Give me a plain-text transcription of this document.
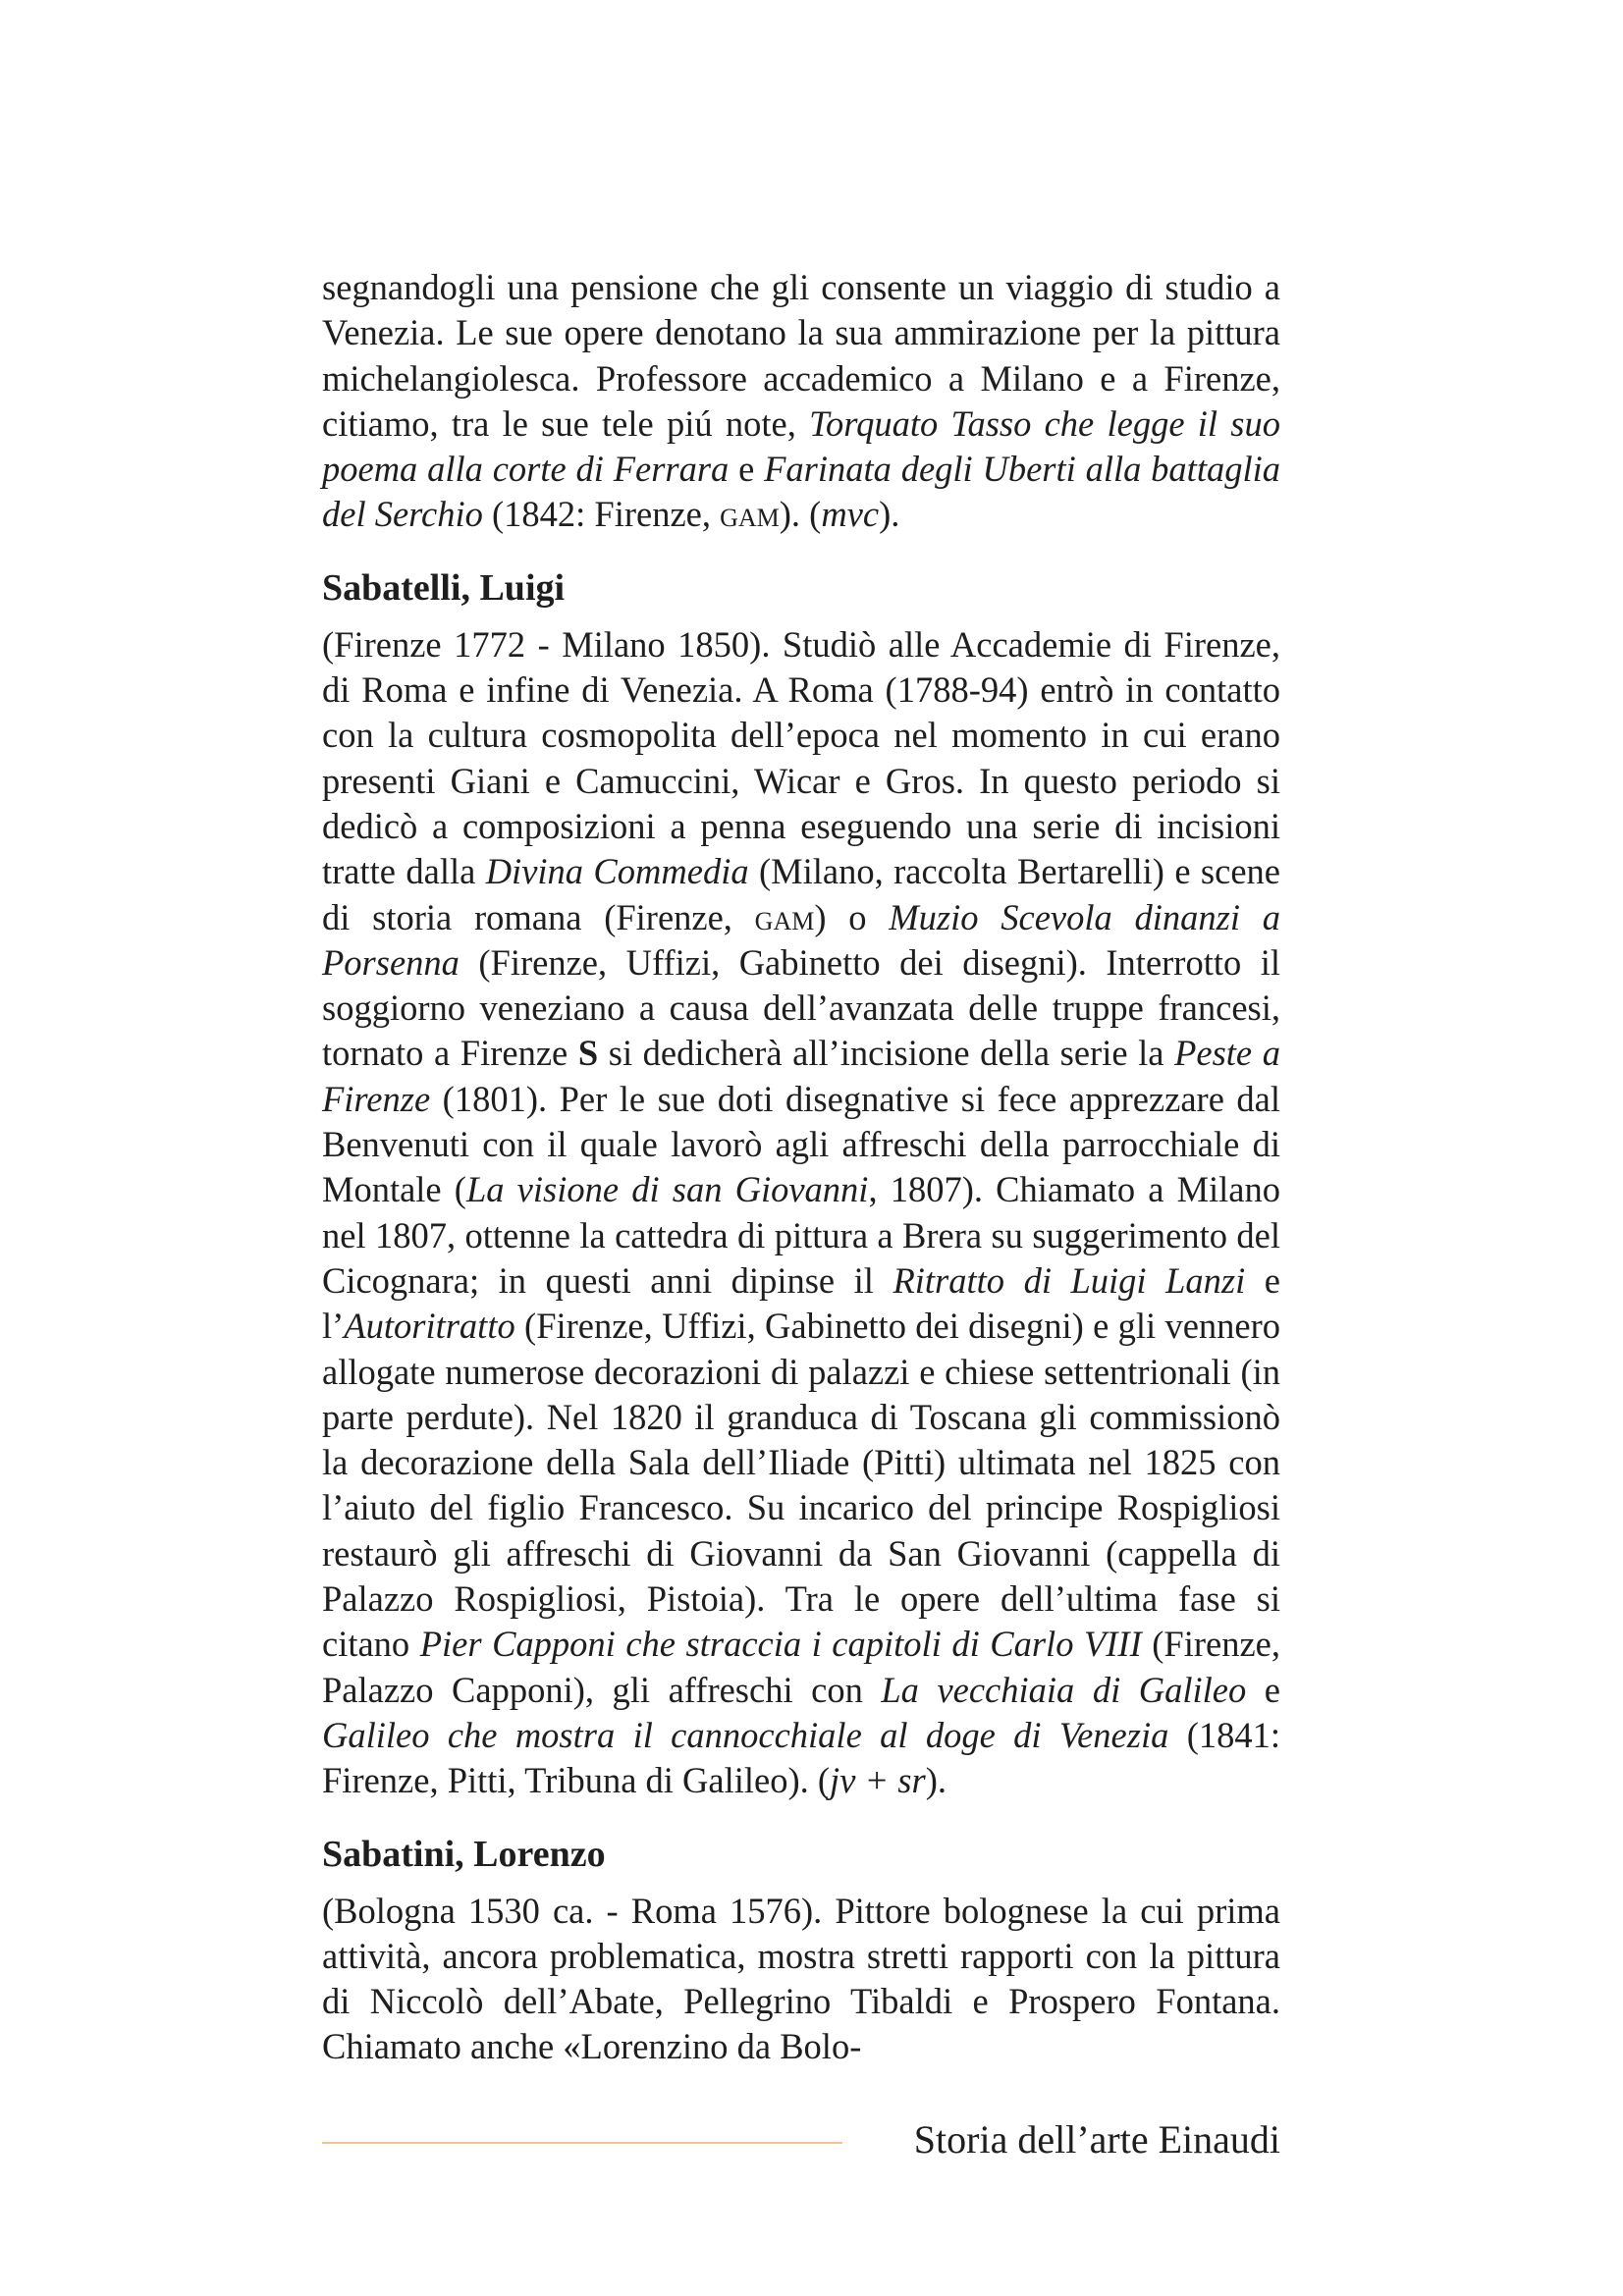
segnandogli una pensione che gli consente un viaggio di studio a Venezia. Le sue opere denotano la sua ammirazione per la pittura michelangiolesca. Professore accademico a Milano e a Firenze, citiamo, tra le sue tele piú note, Torquato Tasso che legge il suo poema alla corte di Ferrara e Farinata degli Uberti alla battaglia del Serchio (1842: Firenze, gam). (mvc).

Sabatelli, Luigi

(Firenze 1772 - Milano 1850). Studiò alle Accademie di Firenze, di Roma e infine di Venezia. A Roma (1788-94) entrò in contatto con la cultura cosmopolita dell’epoca nel momento in cui erano presenti Giani e Camuccini, Wicar e Gros. In questo periodo si dedicò a composizioni a penna eseguendo una serie di incisioni tratte dalla Divina Commedia (Milano, raccolta Bertarelli) e scene di storia romana (Firenze, gam) o Muzio Scevola dinanzi a Porsenna (Firenze, Uffizi, Gabinetto dei disegni). Interrotto il soggiorno veneziano a causa dell’avanzata delle truppe francesi, tornato a Firenze S si dedicherà all’incisione della serie la Peste a Firenze (1801). Per le sue doti disegnative si fece apprezzare dal Benvenuti con il quale lavorò agli affreschi della parrocchiale di Montale (La visione di san Giovanni, 1807). Chiamato a Milano nel 1807, ottenne la cattedra di pittura a Brera su suggerimento del Cicognara; in questi anni dipinse il Ritratto di Luigi Lanzi e l’Autoritratto (Firenze, Uffizi, Gabinetto dei disegni) e gli vennero allogate numerose decorazioni di palazzi e chiese settentrionali (in parte perdute). Nel 1820 il granduca di Toscana gli commissionò la decorazione della Sala dell’Iliade (Pitti) ultimata nel 1825 con l’aiuto del figlio Francesco. Su incarico del principe Rospigliosi restaurò gli affreschi di Giovanni da San Giovanni (cappella di Palazzo Rospigliosi, Pistoia). Tra le opere dell’ultima fase si citano Pier Capponi che straccia i capitoli di Carlo VIII (Firenze, Palazzo Capponi), gli affreschi con La vecchiaia di Galileo e Galileo che mostra il cannocchiale al doge di Venezia (1841: Firenze, Pitti, Tribuna di Galileo). (jv + sr).

Sabatini, Lorenzo

(Bologna 1530 ca. - Roma 1576). Pittore bolognese la cui prima attività, ancora problematica, mostra stretti rapporti con la pittura di Niccolò dell’Abate, Pellegrino Tibaldi e Prospero Fontana. Chiamato anche «Lorenzino da Bolo-

Storia dell’arte Einaudi
